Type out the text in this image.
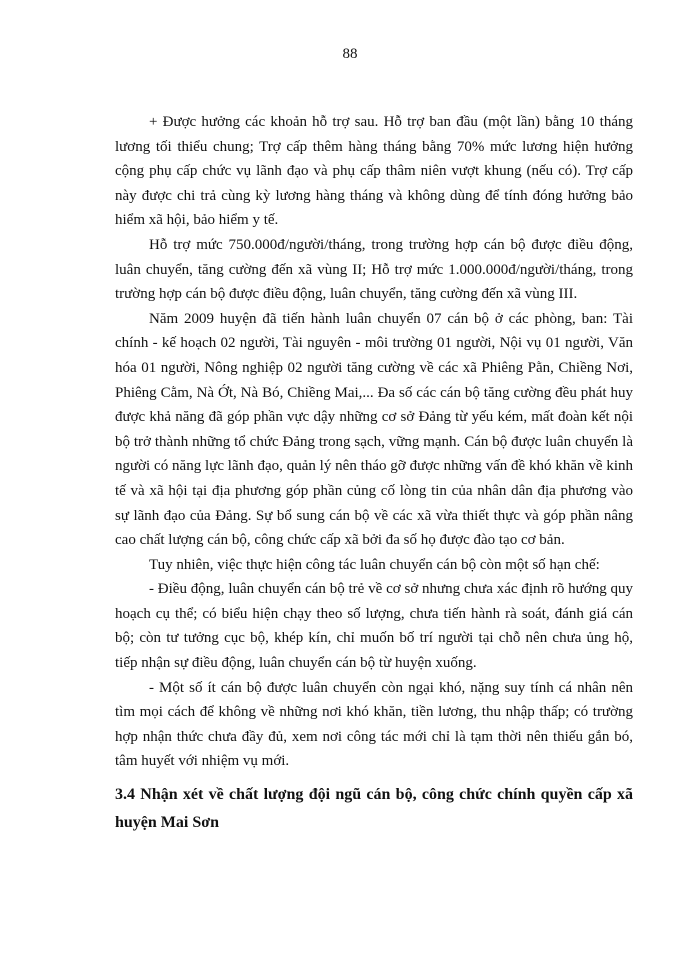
88

+ Được hưởng các khoản hỗ trợ sau. Hỗ trợ ban đầu (một lần) bằng 10 tháng lương tối thiểu chung; Trợ cấp thêm hàng tháng bằng 70% mức lương hiện hưởng cộng phụ cấp chức vụ lãnh đạo và phụ cấp thâm niên vượt khung (nếu có). Trợ cấp này được chi trả cùng kỳ lương hàng tháng và không dùng để tính đóng hưởng bảo hiểm xã hội, bảo hiểm y tế.

Hỗ trợ mức 750.000đ/người/tháng, trong trường hợp cán bộ được điều động, luân chuyển, tăng cường đến xã vùng II; Hỗ trợ mức 1.000.000đ/người/tháng, trong trường hợp cán bộ được điều động, luân chuyển, tăng cường đến xã vùng III.

Năm 2009 huyện đã tiến hành luân chuyển 07 cán bộ ở các phòng, ban: Tài chính - kế hoạch 02 người, Tài nguyên - môi trường 01 người, Nội vụ 01 người, Văn hóa 01 người, Nông nghiệp 02 người tăng cường về các xã Phiêng Pằn, Chiềng Nơi, Phiêng Cằm, Nà Ớt, Nà Bó, Chiềng Mai,... Đa số các cán bộ tăng cường đều phát huy được khả năng đã góp phần vực dậy những cơ sở Đảng từ yếu kém, mất đoàn kết nội bộ trở thành những tổ chức Đảng trong sạch, vững mạnh. Cán bộ được luân chuyển là người có năng lực lãnh đạo, quản lý nên tháo gỡ được những vấn đề khó khăn về kinh tế và xã hội tại địa phương góp phần củng cố lòng tin của nhân dân địa phương vào sự lãnh đạo của Đảng. Sự bổ sung cán bộ về các xã vừa thiết thực và góp phần nâng cao chất lượng cán bộ, công chức cấp xã bởi đa số họ được đào tạo cơ bản.

Tuy nhiên, việc thực hiện công tác luân chuyển cán bộ còn một số hạn chế:

- Điều động, luân chuyển cán bộ trẻ về cơ sở nhưng chưa xác định rõ hướng quy hoạch cụ thể; có biểu hiện chạy theo số lượng, chưa tiến hành rà soát, đánh giá cán bộ; còn tư tưởng cục bộ, khép kín, chỉ muốn bố trí người tại chỗ nên chưa ủng hộ, tiếp nhận sự điều động, luân chuyển cán bộ từ huyện xuống.

- Một số ít cán bộ được luân chuyển còn ngại khó, nặng suy tính cá nhân nên tìm mọi cách để không về những nơi khó khăn, tiền lương, thu nhập thấp; có trường hợp nhận thức chưa đầy đủ, xem nơi công tác mới chỉ là tạm thời nên thiếu gắn bó, tâm huyết với nhiệm vụ mới.

3.4 Nhận xét về chất lượng đội ngũ cán bộ, công chức chính quyền cấp xã huyện Mai Sơn
